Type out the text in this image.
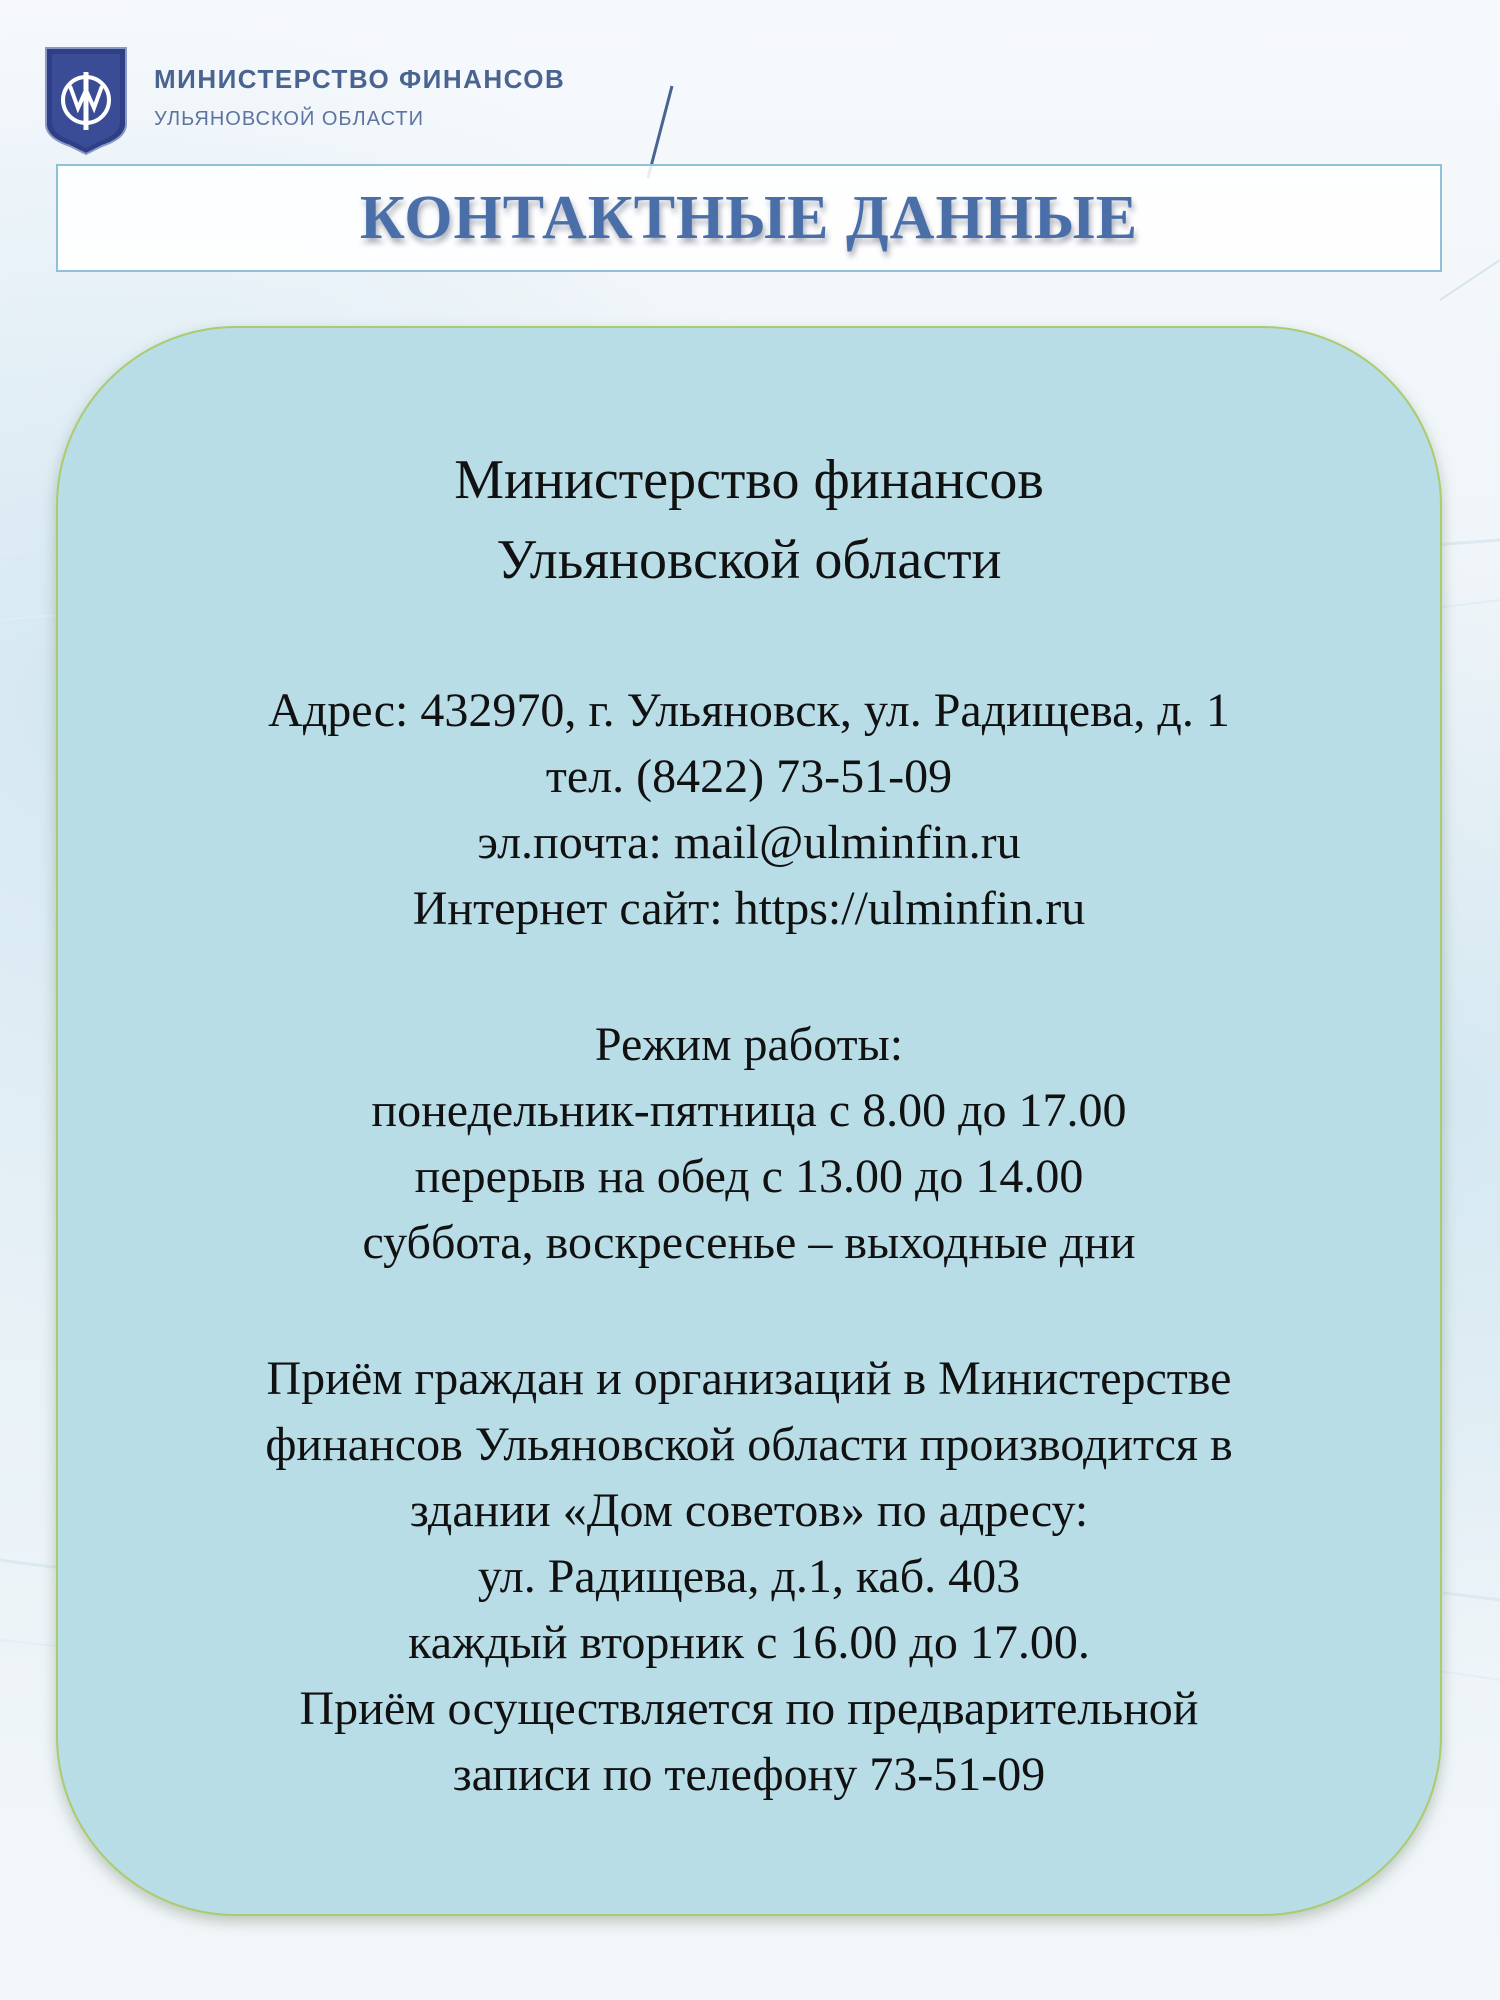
МИНИСТЕРСТВО ФИНАНСОВ
УЛЬЯНОВСКОЙ ОБЛАСТИ
КОНТАКТНЫЕ ДАННЫЕ
Министерство финансов
Ульяновской области
Адрес: 432970, г. Ульяновск, ул. Радищева, д. 1
тел. (8422) 73-51-09
эл.почта: mail@ulminfin.ru
Интернет сайт: https://ulminfin.ru
Режим работы:
понедельник-пятница с 8.00 до 17.00
перерыв на обед с 13.00 до 14.00
суббота, воскресенье – выходные дни
Приём граждан и организаций в Министерстве
финансов Ульяновской области производится в
здании «Дом советов» по адресу:
ул. Радищева, д.1, каб. 403
каждый вторник с 16.00 до 17.00.
Приём осуществляется по предварительной
записи по телефону 73-51-09
